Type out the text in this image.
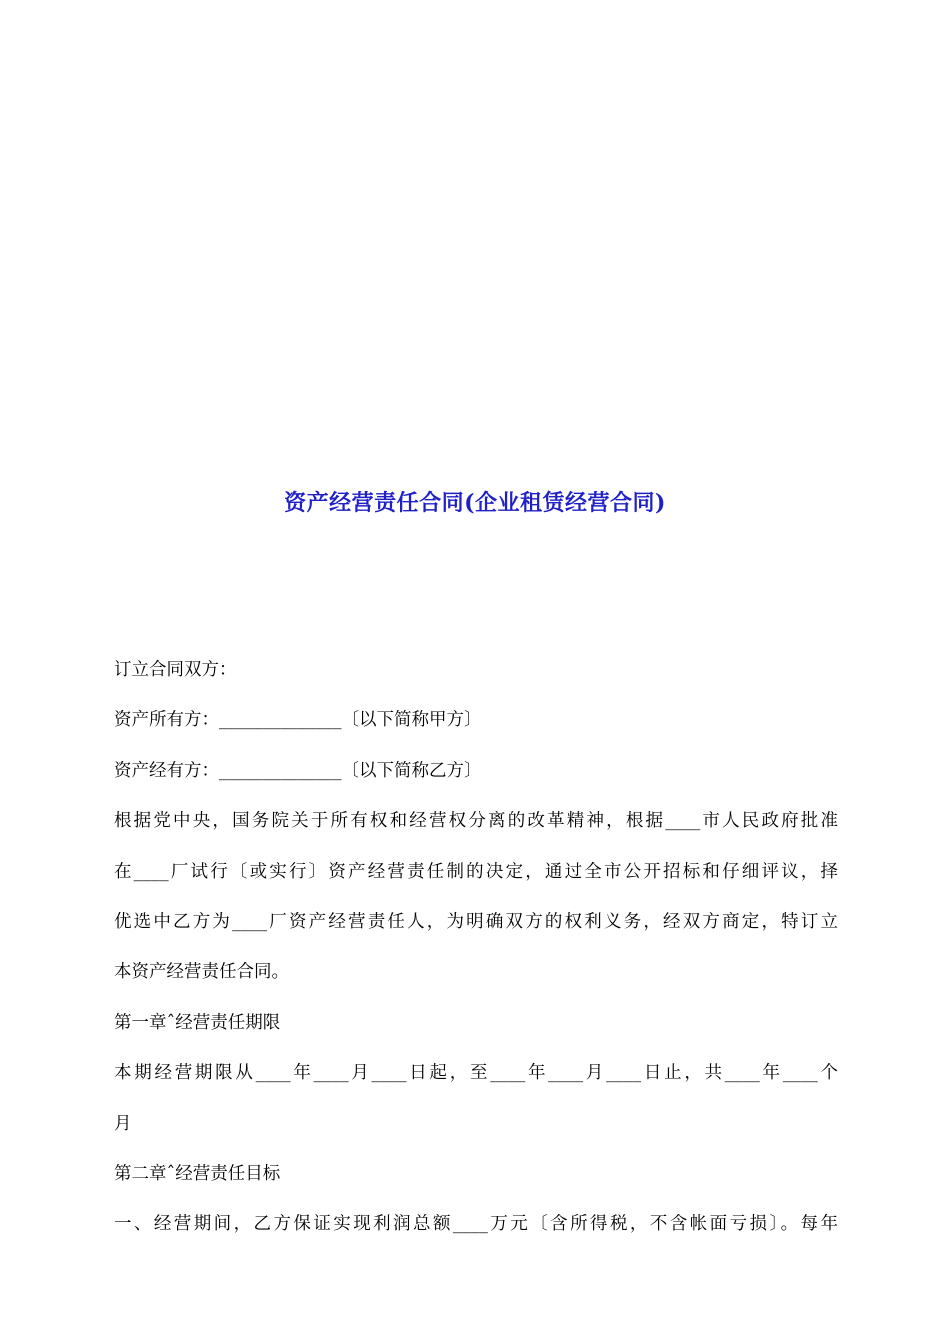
资产经营责任合同(企业租赁经营合同)
订立合同双方：
资产所有方：______________〔以下简称甲方〕
资产经有方：______________〔以下简称乙方〕
根据党中央，国务院关于所有权和经营权分离的改革精神，根据____市人民政府批准
在____厂试行〔或实行〕资产经营责任制的决定，通过全市公开招标和仔细评议，择
优选中乙方为____厂资产经营责任人，为明确双方的权利义务，经双方商定，特订立
本资产经营责任合同。
第一章ˆ经营责任期限
本期经营期限从____年____月____日起，至____年____月____日止，共____年____个
月
第二章ˆ经营责任目标
一、经营期间，乙方保证实现利润总额____万元〔含所得税，不含帐面亏损〕。每年
